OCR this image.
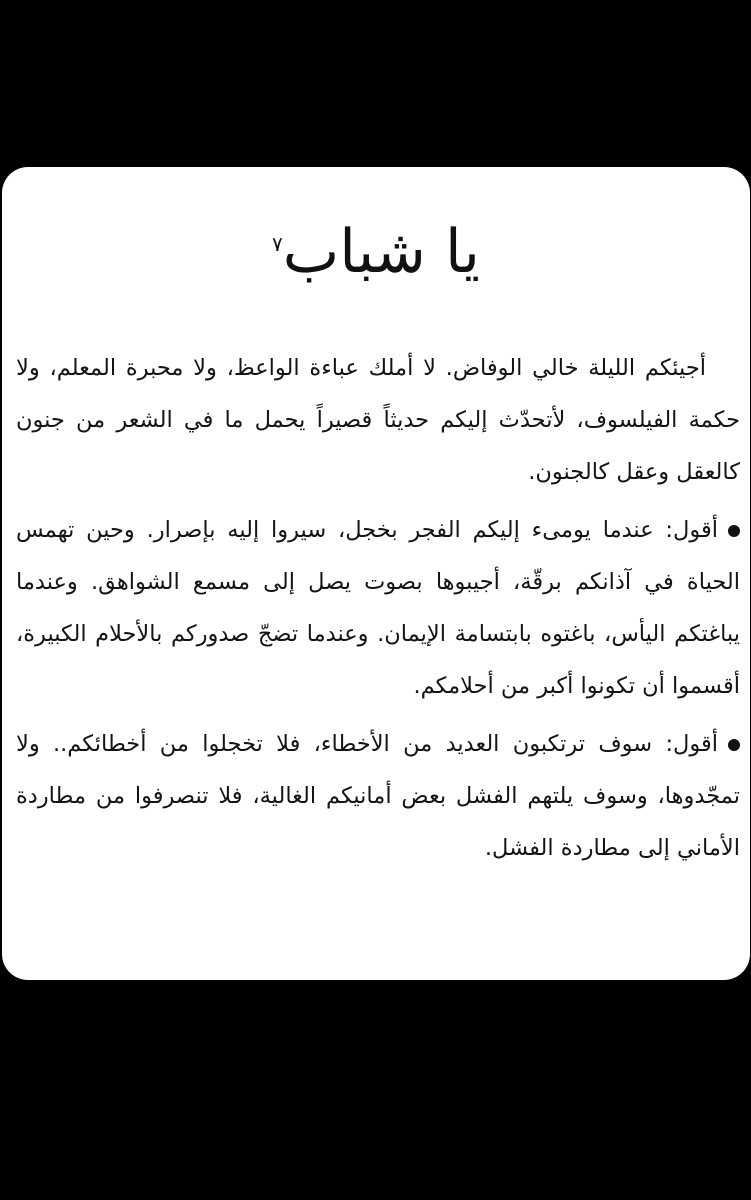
يا شباب$^٧$

أجيئكم الليلة خالي الوفاض. لا أملك عباءة الواعظ، ولا محبرة المعلم، ولا حكمة الفيلسوف، لأتحدّث إليكم حديثاً قصيراً يحمل ما في الشعر من جنون كالعقل وعقل كالجنون.

أقول: عندما يومىء إليكم الفجر بخجل، سيروا إليه بإصرار. وحين تهمس الحياة في آذانكم برقّة، أجيبوها بصوت يصل إلى مسمع الشواهق. وعندما يباغتكم اليأس، باغتوه بابتسامة الإيمان. وعندما تضجّ صدوركم بالأحلام الكبيرة، أقسموا أن تكونوا أكبر من أحلامكم.

أقول: سوف ترتكبون العديد من الأخطاء، فلا تخجلوا من أخطائكم.. ولا تمجّدوها، وسوف يلتهم الفشل بعض أمانيكم الغالية، فلا تنصرفوا من مطاردة الأماني إلى مطاردة الفشل.
